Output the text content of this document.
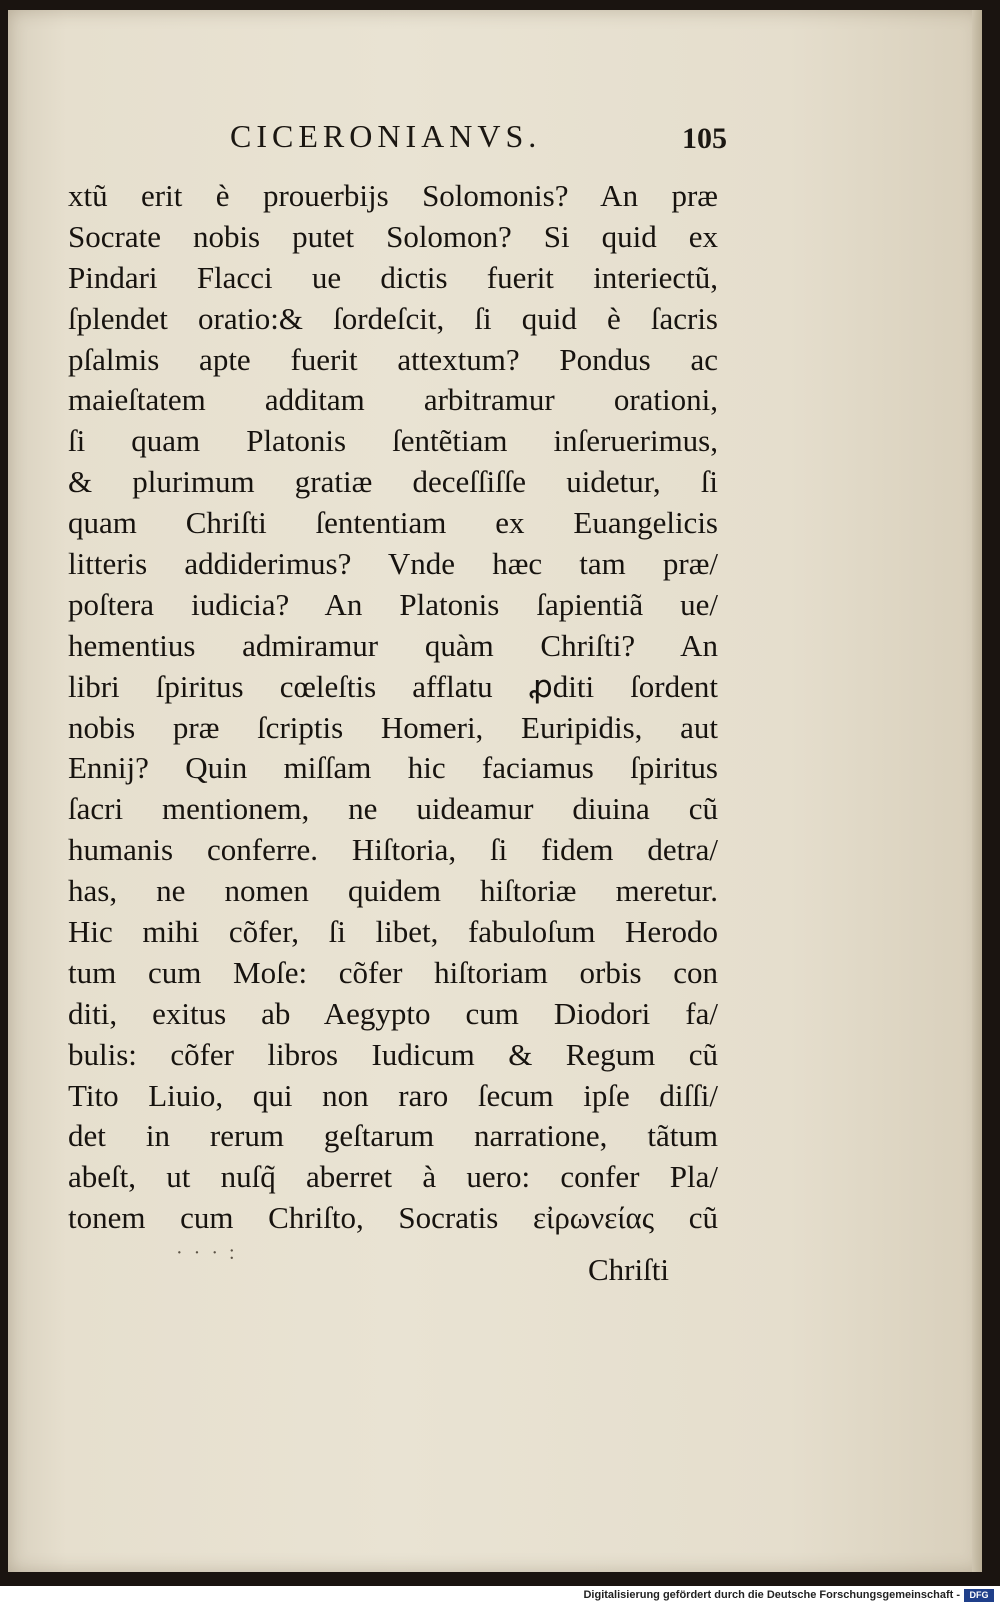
CICERONIANVS.	105
xtũ erit è prouerbijs Solomonis? An præ
Socrate nobis putet Solomon? Si quid ex
Pindari Flacci ue dictis fuerit interiectũ,
ſplendet oratio:& ſordeſcit, ſi quid è ſacris
pſalmis apte fuerit attextum? Pondus ac
maieſtatem additam arbitramur orationi,
ſi quam Platonis ſentẽtiam inſeruerimus,
& plurimum gratiæ deceſſiſſe uidetur, ſi
quam Chriſti ſententiam ex Euangelicis
litteris addiderimus? Vnde hæc tam præ/
poſtera iudicia? An Platonis ſapientiã ue/
hementius admiramur quàm Chriſti? An
libri ſpiritus cœleſtis afflatu ꝓditi ſordent
nobis præ ſcriptis Homeri, Euripidis, aut
Ennij? Quin miſſam hic faciamus ſpiritus
ſacri mentionem, ne uideamur diuina cũ
humanis conferre. Hiſtoria, ſi fidem detra/
has, ne nomen quidem hiſtoriæ meretur.
Hic mihi cõfer, ſi libet, fabuloſum Herodo
tum cum Moſe: cõfer hiſtoriam orbis con
diti, exitus ab Aegypto cum Diodori fa/
bulis: cõfer libros Iudicum & Regum cũ
Tito Liuio, qui non raro ſecum ipſe diſſi/
det in rerum geſtarum narratione, tãtum
abeſt, ut nuſq̃ aberret à uero: confer Pla/
tonem cum Chriſto, Socratis εἰρωνείας cũ
· · · :	Chriſti
Digitalisierung gefördert durch die Deutsche Forschungsgemeinschaft -	DFG
